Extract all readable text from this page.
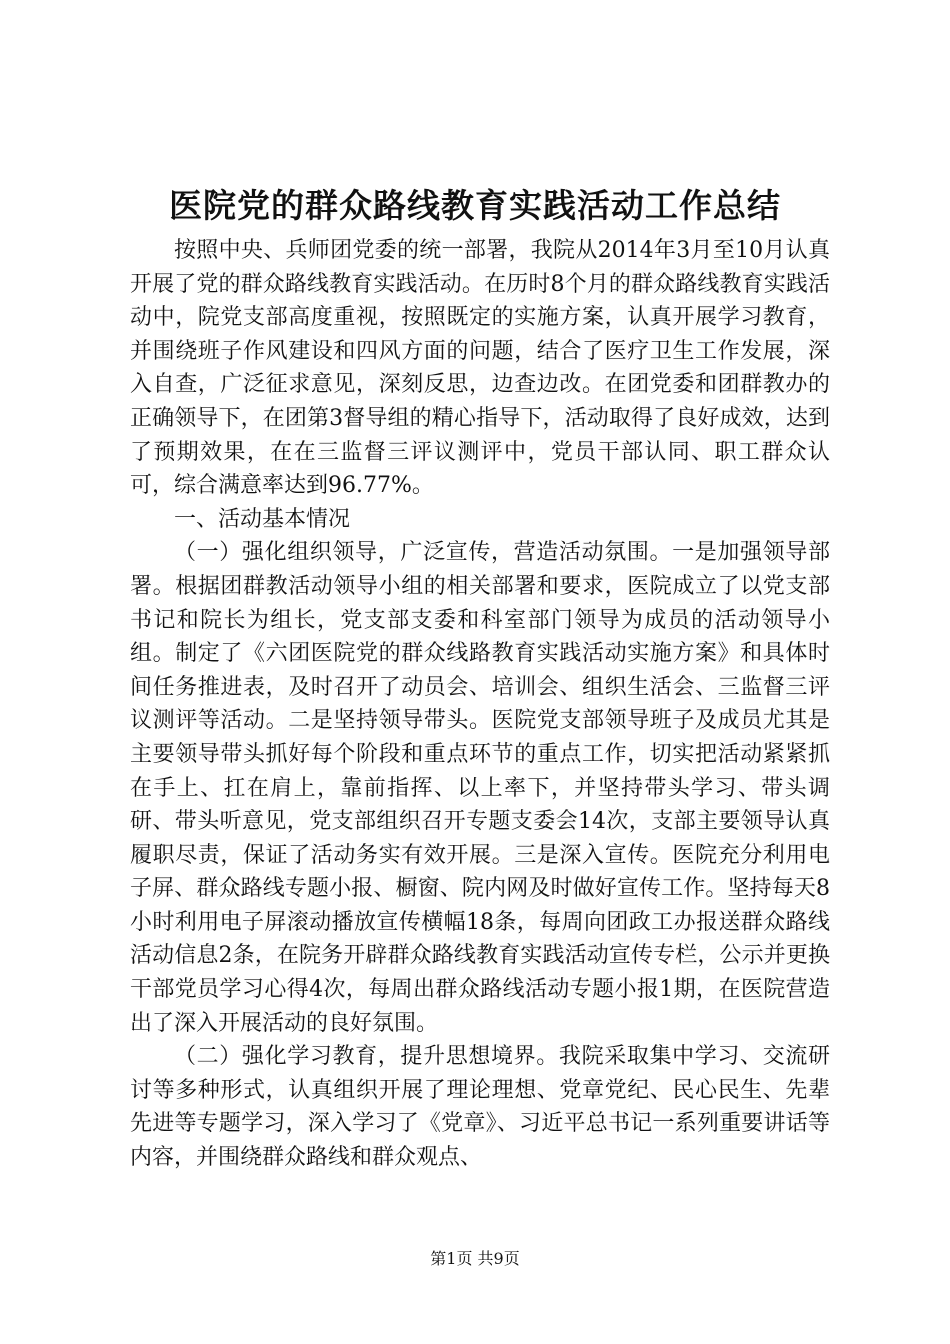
医院党的群众路线教育实践活动工作总结

按照中央、兵师团党委的统一部署，我院从2014年3月至10月认真开展了党的群众路线教育实践活动。在历时8个月的群众路线教育实践活动中，院党支部高度重视，按照既定的实施方案，认真开展学习教育，并围绕班子作风建设和四风方面的问题，结合了医疗卫生工作发展，深入自查，广泛征求意见，深刻反思，边查边改。在团党委和团群教办的正确领导下，在团第3督导组的精心指导下，活动取得了良好成效，达到了预期效果，在在三监督三评议测评中，党员干部认同、职工群众认可，综合满意率达到96.77%。

一、活动基本情况

（一）强化组织领导，广泛宣传，营造活动氛围。一是加强领导部署。根据团群教活动领导小组的相关部署和要求，医院成立了以党支部书记和院长为组长，党支部支委和科室部门领导为成员的活动领导小组。制定了《六团医院党的群众线路教育实践活动实施方案》和具体时间任务推进表，及时召开了动员会、培训会、组织生活会、三监督三评议测评等活动。二是坚持领导带头。医院党支部领导班子及成员尤其是主要领导带头抓好每个阶段和重点环节的重点工作，切实把活动紧紧抓在手上、扛在肩上，靠前指挥、以上率下，并坚持带头学习、带头调研、带头听意见，党支部组织召开专题支委会14次，支部主要领导认真履职尽责，保证了活动务实有效开展。三是深入宣传。医院充分利用电子屏、群众路线专题小报、橱窗、院内网及时做好宣传工作。坚持每天8小时利用电子屏滚动播放宣传横幅18条，每周向团政工办报送群众路线活动信息2条，在院务开辟群众路线教育实践活动宣传专栏，公示并更换干部党员学习心得4次，每周出群众路线活动专题小报1期，在医院营造出了深入开展活动的良好氛围。

（二）强化学习教育，提升思想境界。我院采取集中学习、交流研讨等多种形式，认真组织开展了理论理想、党章党纪、民心民生、先辈先进等专题学习，深入学习了《党章》、习近平总书记一系列重要讲话等内容，并围绕群众路线和群众观点、

第1页 共9页
